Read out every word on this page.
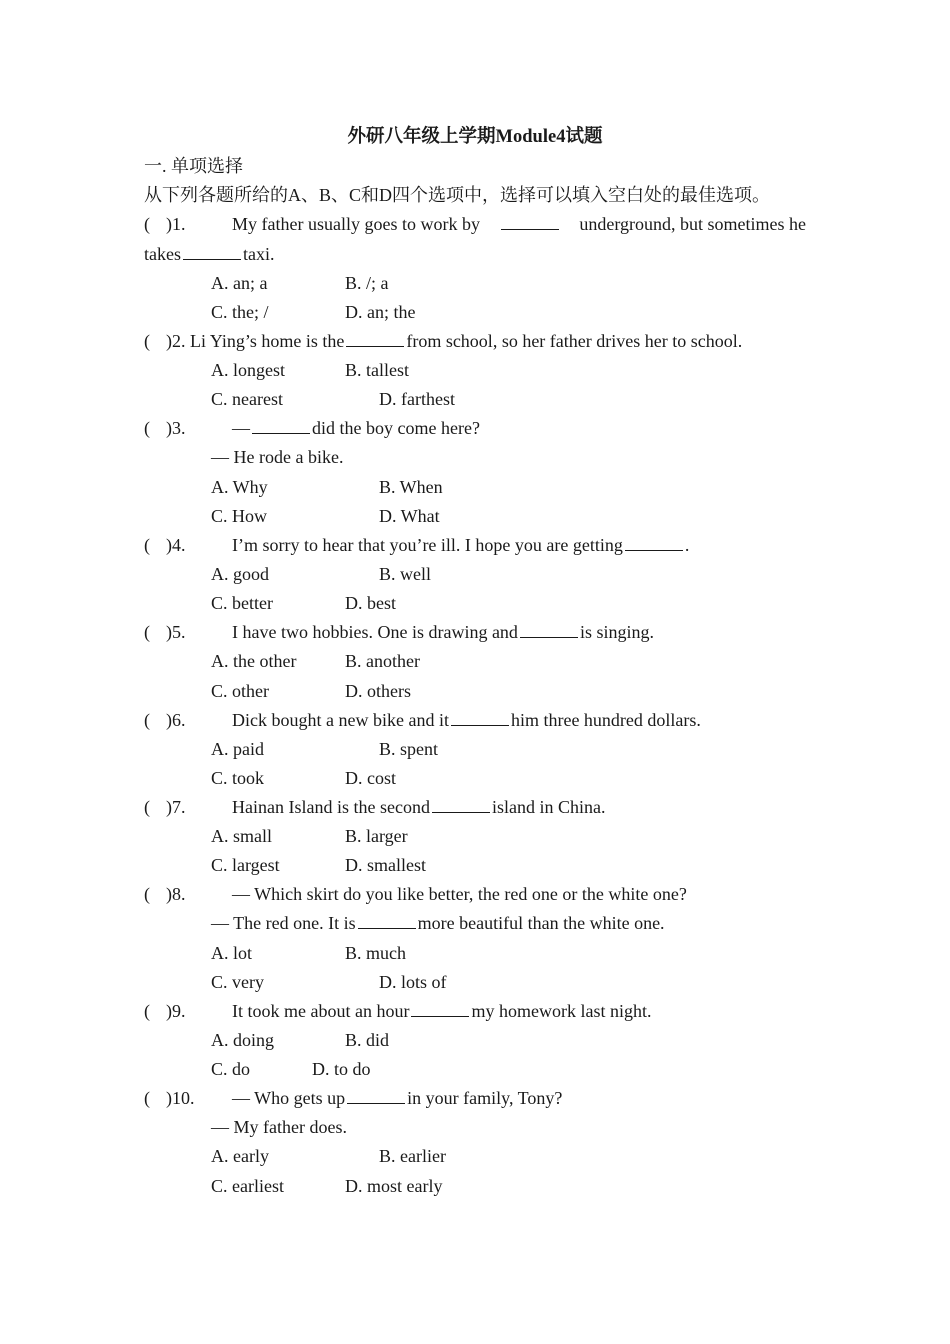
外研八年级上学期Module4试题
一. 单项选择
从下列各题所给的A、B、C和D四个选项中，选择可以填入空白处的最佳选项。
( )1.	My father usually goes to work by	underground, but sometimes he
takes	taxi.
A. an; a	B. /; a
C. the; /	D. an; the
( )2. Li Ying’s home is the	from school, so her father drives her to school.
A. longest	B. tallest
C. nearest	D. farthest
( )3.	—	did the boy come here?
— He rode a bike.
A. Why	B. When
C. How	D. What
( )4.	I’m sorry to hear that you’re ill. I hope you are getting	.
A. good	B. well
C. better	D. best
( )5.	I have two hobbies. One is drawing and	is singing.
A. the other	B. another
C. other	D. others
( )6.	Dick bought a new bike and it	him three hundred dollars.
A. paid	B. spent
C. took	D. cost
( )7.	Hainan Island is the second	island in China.
A. small	B. larger
C. largest	D. smallest
( )8.	— Which skirt do you like better, the red one or the white one?
— The red one. It is	more beautiful than the white one.
A. lot	B. much
C. very	D. lots of
( )9.	It took me about an hour	my homework last night.
A. doing	B. did
C. do	D. to do
( )10. — Who gets up	in your family, Tony?
— My father does.
A. early	B. earlier
C. earliest	D. most early
